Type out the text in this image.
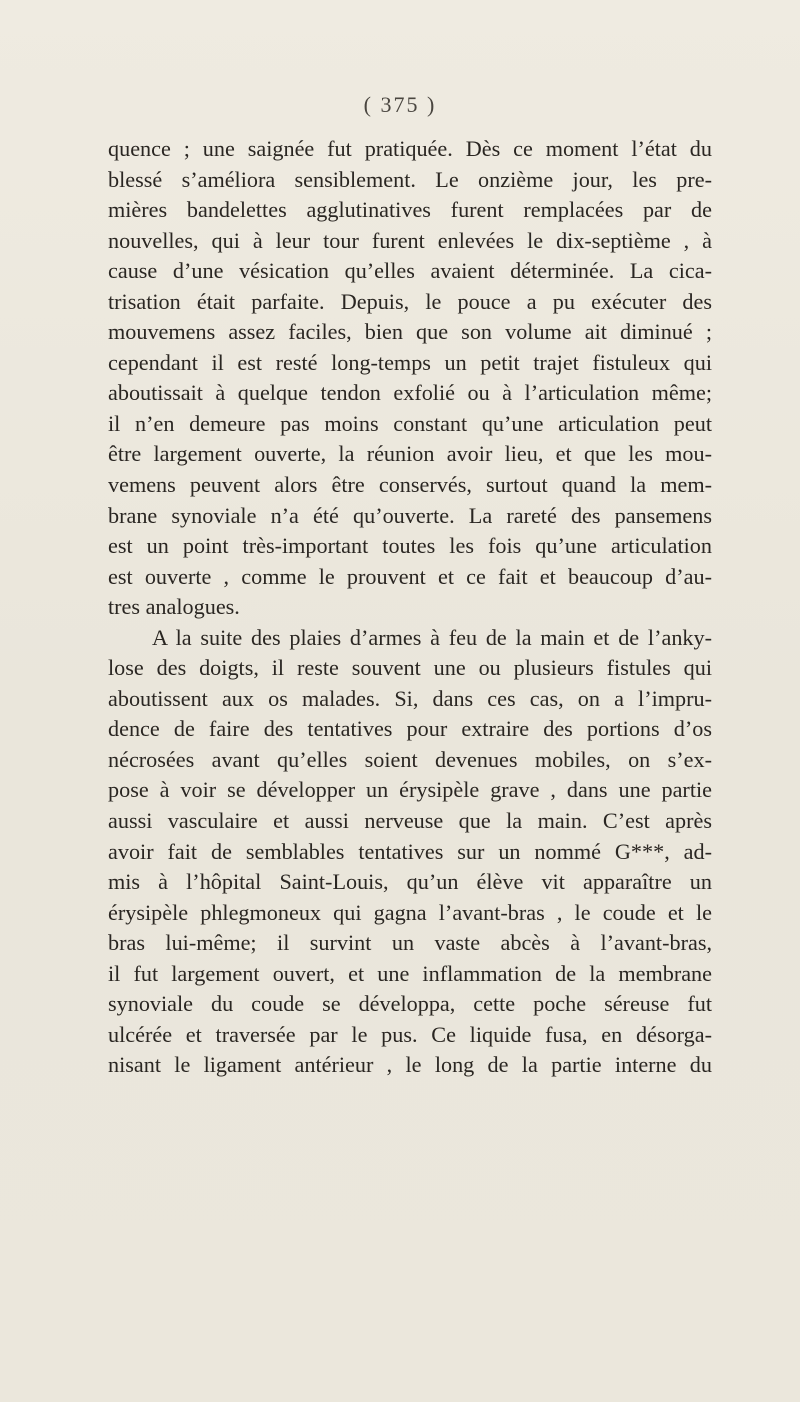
( 375 )
quence ; une saignée fut pratiquée. Dès ce moment l’état du
blessé s’améliora sensiblement. Le onzième jour, les pre-
mières bandelettes agglutinatives furent remplacées par de
nouvelles, qui à leur tour furent enlevées le dix-septième , à
cause d’une vésication qu’elles avaient déterminée. La cica-
trisation était parfaite. Depuis, le pouce a pu exécuter des
mouvemens assez faciles, bien que son volume ait diminué ;
cependant il est resté long-temps un petit trajet fistuleux qui
aboutissait à quelque tendon exfolié ou à l’articulation même;
il n’en demeure pas moins constant qu’une articulation peut
être largement ouverte, la réunion avoir lieu, et que les mou-
vemens peuvent alors être conservés, surtout quand la mem-
brane synoviale n’a été qu’ouverte. La rareté des pansemens
est un point très-important toutes les fois qu’une articulation
est ouverte , comme le prouvent et ce fait et beaucoup d’au-
tres analogues.
A la suite des plaies d’armes à feu de la main et de l’anky-
lose des doigts, il reste souvent une ou plusieurs fistules qui
aboutissent aux os malades. Si, dans ces cas, on a l’impru-
dence de faire des tentatives pour extraire des portions d’os
nécrosées avant qu’elles soient devenues mobiles, on s’ex-
pose à voir se développer un érysipèle grave , dans une partie
aussi vasculaire et aussi nerveuse que la main. C’est après
avoir fait de semblables tentatives sur un nommé G***, ad-
mis à l’hôpital Saint-Louis, qu’un élève vit apparaître un
érysipèle phlegmoneux qui gagna l’avant-bras , le coude et le
bras lui-même; il survint un vaste abcès à l’avant-bras,
il fut largement ouvert, et une inflammation de la membrane
synoviale du coude se développa, cette poche séreuse fut
ulcérée et traversée par le pus. Ce liquide fusa, en désorga-
nisant le ligament antérieur , le long de la partie interne du
